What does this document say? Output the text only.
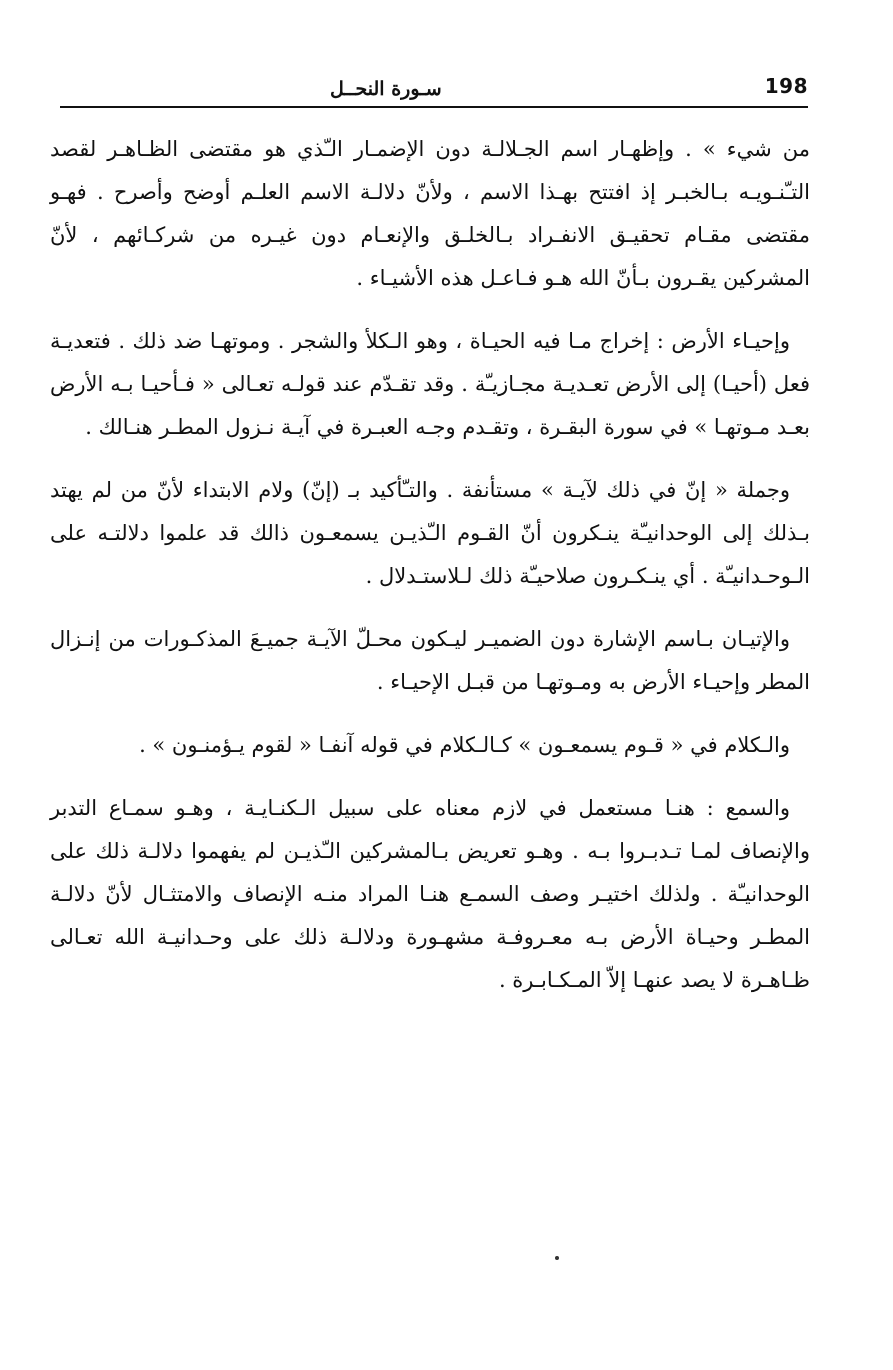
198
سـورة النحــل

من شيء » . وإظهـار اسم الجـلالـة دون الإضمـار الـّذي هو مقتضى الظـاهـر لقصد التـّنـويـه بـالخبـر إذ افتتح بهـذا الاسم ، ولأنّ دلالـة الاسم العلـم أوضح وأصرح . فهـو مقتضى مقـام تحقيـق الانفـراد بـالخلـق والإنعـام دون غيـره من شركـائهم ، لأنّ المشركين يقـرون بـأنّ الله هـو فـاعـل هذه الأشيـاء .

وإحيـاء الأرض : إخراج مـا فيه الحيـاة ، وهو الـكلأ والشجر . وموتهـا ضد ذلك . فتعديـة فعل (أحيـا) إلى الأرض تعـديـة مجـازيـّة . وقد تقـدّم عند قولـه تعـالى « فـأحيـا بـه الأرض بعـد مـوتهـا » في سورة البقـرة ، وتقـدم وجـه العبـرة في آيـة نـزول المطـر هنـالك .

وجملة « إنّ في ذلك لآيـة » مستأنفة . والتـّأكيد بـ (إنّ) ولام الابتداء لأنّ من لم يهتد بـذلك إلى الوحدانيـّة ينـكرون أنّ القـوم الـّذيـن يسمعـون ذالك قد علموا دلالتـه على الـوحـدانيـّة . أي ينـكـرون صلاحيـّة ذلك لـلاستـدلال .

والإتيـان بـاسم الإشارة دون الضميـر ليـكون محـلّ الآيـة جميـعَ المذكـورات من إنـزال المطر وإحيـاء الأرض به ومـوتهـا من قبـل الإحيـاء .

والـكلام في « قـوم يسمعـون » كـالـكلام في قوله آنفـا « لقوم يـؤمنـون » .

والسمع : هنـا مستعمل في لازم معناه على سبيل الـكنـايـة ، وهـو سمـاع التدبر والإنصاف لمـا تـدبـروا بـه . وهـو تعريض بـالمشركين الـّذيـن لم يفهموا دلالـة ذلك على الوحدانيـّة . ولذلك اختيـر وصف السمـع هنـا المراد منـه الإنصاف والامتثـال لأنّ دلالـة المطـر وحيـاة الأرض بـه معـروفـة مشهـورة ودلالـة ذلك على وحـدانيـة الله تعـالى ظـاهـرة لا يصد عنهـا إلاّ المـكـابـرة .
